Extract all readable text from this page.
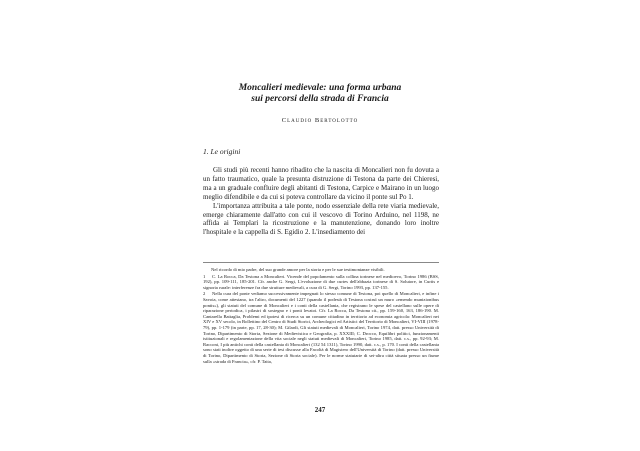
Moncalieri medievale: una forma urbana
sui percorsi della strada di Francia
Claudio Bertolotto
1. Le origini

Gli studi più recenti hanno ribadito che la nascita di Moncalieri non fu dovuta a un fatto traumatico, quale la presunta distruzione di Testona da parte dei Chieresi, ma a un graduale confluire degli abitanti di Testona, Carpice e Mairano in un luogo meglio difendibile e da cui si poteva controllare da vicino il ponte sul Po 1.

L'importanza attribuita a tale ponte, nodo essenziale della rete viaria medievale, emerge chiaramente dall'atto con cui il vescovo di Torino Arduino, nel 1198, ne affida ai Templari la ricostruzione e la manutenzione, donando loro inoltre l'hospitale e la cappella di S. Egidio 2. L'insediamento dei

Nel ricordo di mio padre, del suo grande amore per la storia e per le sue testimonianze visibili.
1 C. La Rocca, Da Testona a Moncalieri. Vicende del popolamento sulla collina torinese nel medioevo, Torino 1986 (BSS, 192), pp. 109-111, 185-201. Cfr. anche G. Sergi, L'evoluzione di due curtes dell'abbazia torinese di S. Solutore, in Curtis e signoria rurale: interferenze fra due strutture medievali, a cura di G. Sergi, Torino 1993, pp. 137-155.
2 Nella cura del ponte vediamo successivamente impegnati lo stesso comune di Testona, poi quello di Moncalieri, e infine i Savoia, come attestano, tra l'altro, documenti del 1227 (quando il podestà di Testona costruì un muro «emendo munizionibus pontis»), gli statuti del comune di Moncalieri e i conti della castellania, che registrano le spese del castellano sulle opere di riparazione periodica, i pilastri di sostegno e i ponti levatoi. Cfr. La Rocca, Da Testona cit., pp. 159-160, 163, 186-190. M. Cantarella Battaglia, Problemi ed ipotesi di ricerca su un comune cittadino in territorio ad economia agricola: Moncalieri nei XIV e XV secolo, in Bollettino del Centro di Studi Storici, Archeologici ed Artistici del Territorio di Moncalieri, VI-VIII (1978-79), pp. 1-179 (in parte, pp. 17, 28-30); M. Gilardi, Gli statuti medievali di Moncalieri, Torino 1974, datt. presso Università di Torino, Dipartimento di Storia, Sezione di Medievistica e Geografia, p. XXXIII; C. Drocco, Equilibri politici, funzionamenti istituzionali e regolamentazione della vita sociale negli statuti medievali di Moncalieri, Torino 1985, datt. c.s., pp. 92-93; M. Racconi, I più antichi conti della castellania di Moncalieri (132 54 1311), Torino 1990, datt. c.s., p. 170. I conti della castellania sono stati inoltre oggetto di una serie di tesi discusse alla Facoltà di Magistero dell'Università di Torino (datt. presso Università di Torino, Dipartimento di Storia, Sezione di Storia sociale). Per le norme statutarie di sei-altra città situata presso un fiume sulla «strada di Francia», cfr. P. Taita,
247
